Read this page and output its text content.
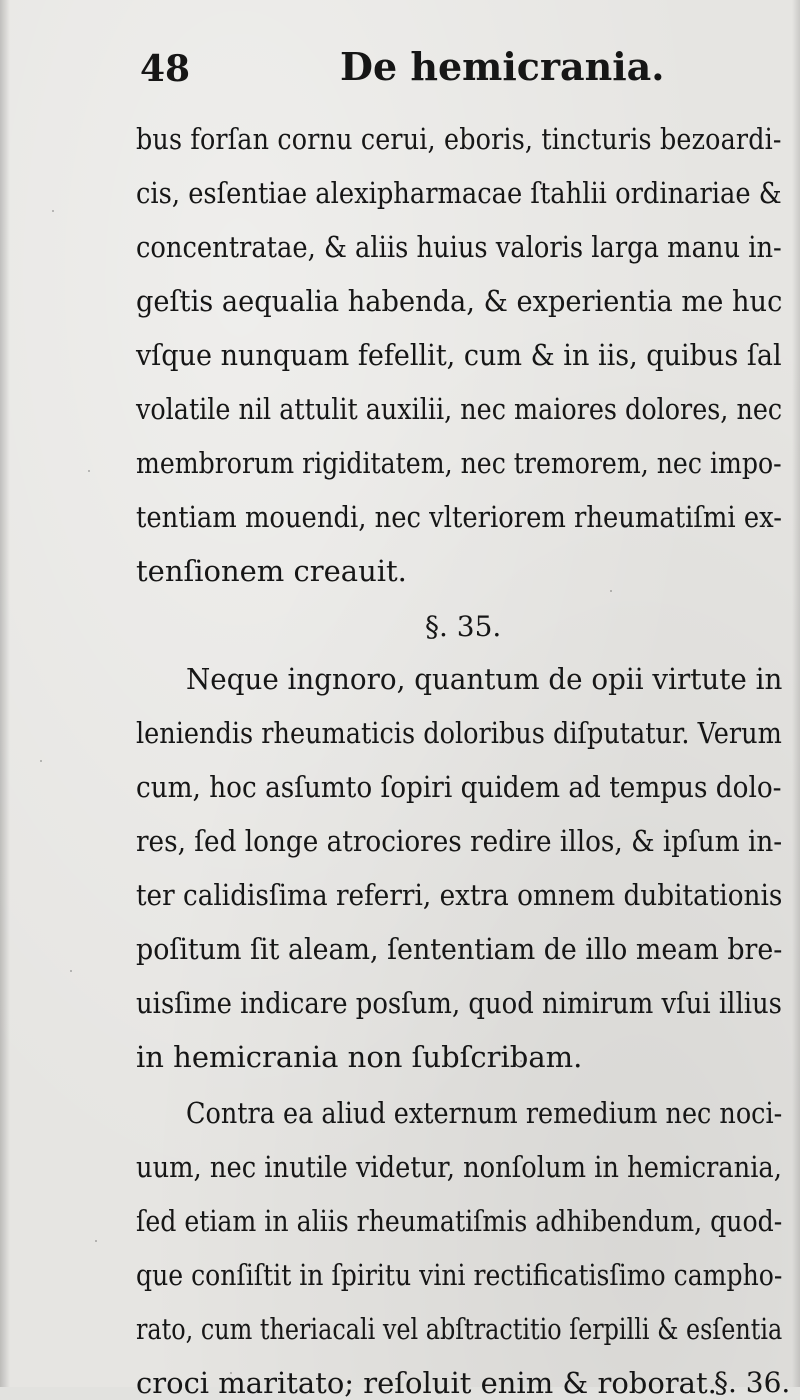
48	De hemicrania.
bus forſan cornu cerui, eboris, tincturis bezoardi-
cis, esſentiae alexipharmacae ſtahlii ordinariae &
concentratae, & aliis huius valoris larga manu in-
geſtis aequalia habenda, & experientia me huc
vſque nunquam fefellit, cum & in iis, quibus ſal
volatile nil attulit auxilii, nec maiores dolores, nec
membrorum rigiditatem, nec tremorem, nec impo-
tentiam mouendi, nec vlteriorem rheumatiſmi ex-
tenſionem creauit.
§. 35.
Neque ingnoro, quantum de opii virtute in
leniendis rheumaticis doloribus diſputatur. Verum
cum, hoc asſumto ſopiri quidem ad tempus dolo-
res, ſed longe atrociores redire illos, & ipſum in-
ter calidisſima referri, extra omnem dubitationis
poſitum ſit aleam, ſententiam de illo meam bre-
uisſime indicare posſum, quod nimirum vſui illius
in hemicrania non ſubſcribam.
Contra ea aliud externum remedium nec noci-
uum, nec inutile videtur, nonſolum in hemicrania,
ſed etiam in aliis rheumatiſmis adhibendum, quod-
que conſiſtit in ſpiritu vini rectificatisſimo campho-
rato, cum theriacali vel abſtractitio ſerpilli & esſentia
croci maritato; reſoluit enim & roborat.
§. 36.
